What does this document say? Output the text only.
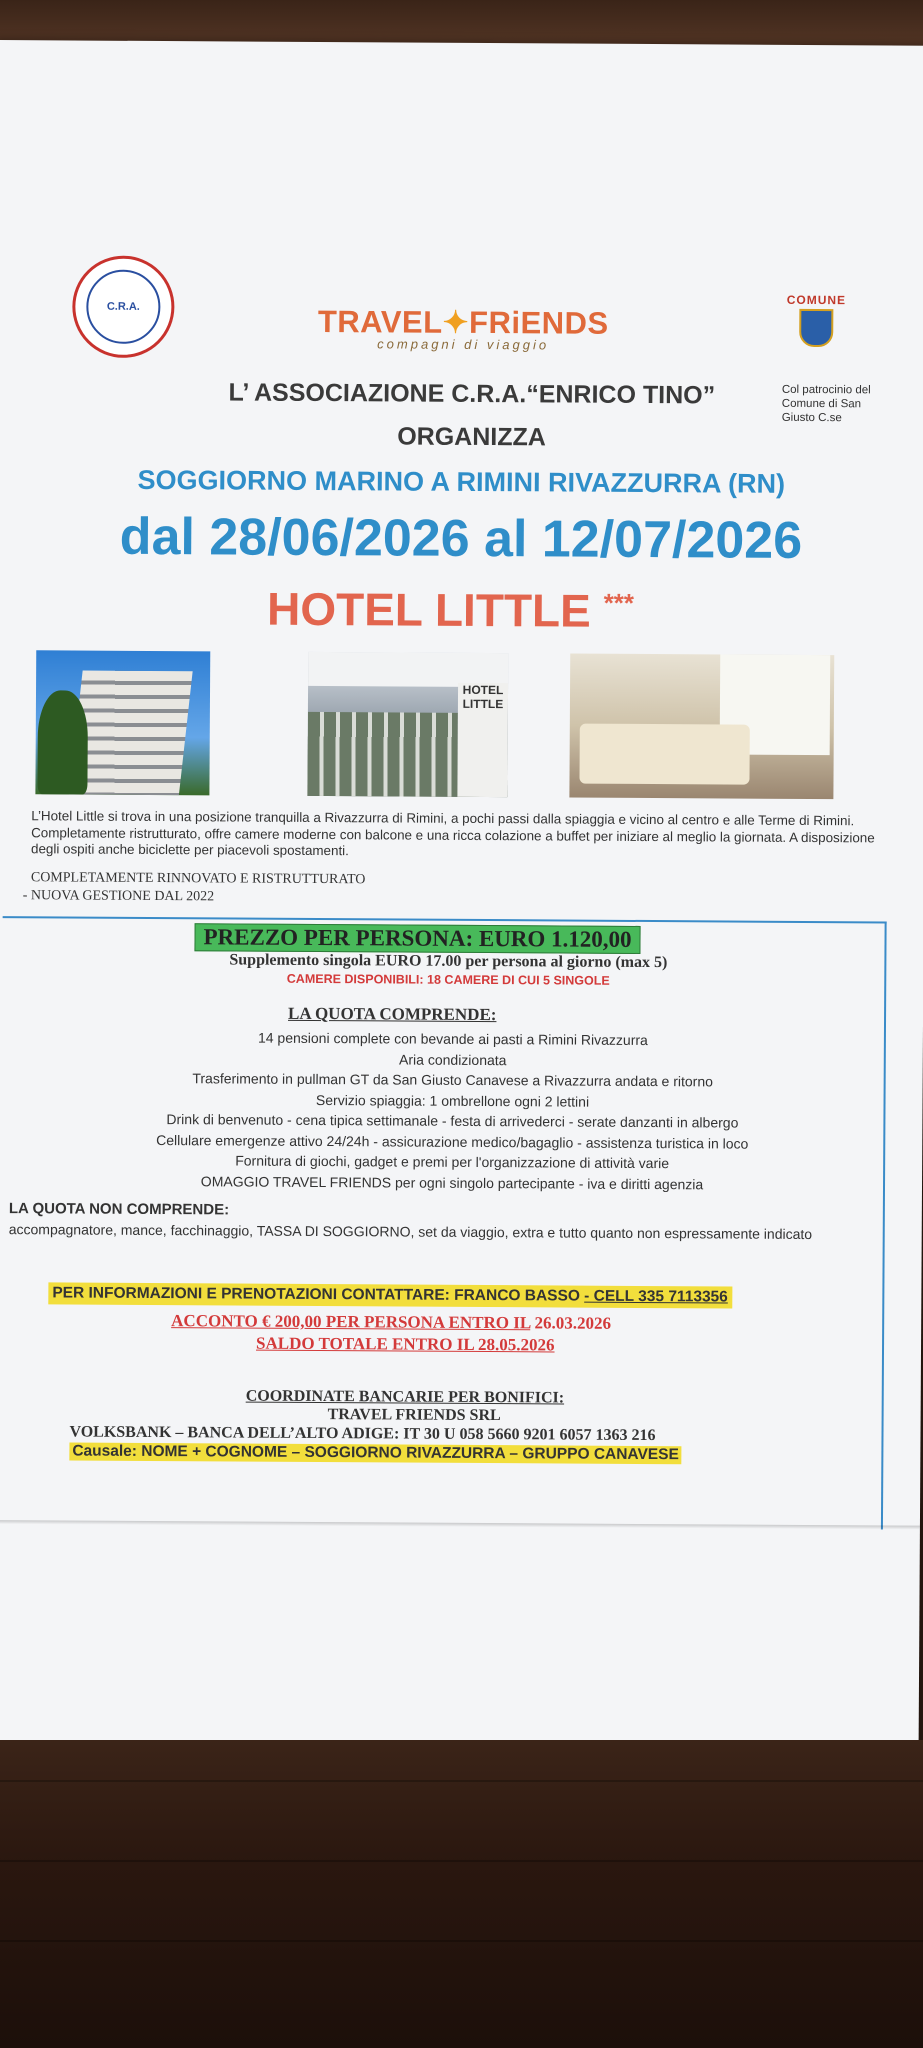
C.R.A.	TRAVEL✦FRiENDS
compagni di viaggio
COMUNE
Col patrocinio del Comune di San Giusto C.se
L’ ASSOCIAZIONE C.R.A.“ENRICO TINO”
ORGANIZZA
SOGGIORNO MARINO A RIMINI RIVAZZURRA (RN)
dal 28/06/2026 al 12/07/2026
HOTEL LITTLE ***
HOTEL LITTLE
L’Hotel Little si trova in una posizione tranquilla a Rivazzurra di Rimini, a pochi passi dalla spiaggia e vicino al centro e alle Terme di Rimini. Completamente ristrutturato, offre camere moderne con balcone e una ricca colazione a buffet per iniziare al meglio la giornata. A disposizione degli ospiti anche biciclette per piacevoli spostamenti.
COMPLETAMENTE RINNOVATO E RISTRUTTURATO
- NUOVA GESTIONE DAL 2022
PREZZO PER PERSONA: EURO 1.120,00
Supplemento singola EURO 17.00 per persona al giorno (max 5)
CAMERE DISPONIBILI: 18 CAMERE DI CUI 5 SINGOLE
LA QUOTA COMPRENDE:
14 pensioni complete con bevande ai pasti a Rimini Rivazzurra
Aria condizionata
Trasferimento in pullman GT da San Giusto Canavese a Rivazzurra andata e ritorno
Servizio spiaggia: 1 ombrellone ogni 2 lettini
Drink di benvenuto - cena tipica settimanale - festa di arrivederci - serate danzanti in albergo
Cellulare emergenze attivo 24/24h - assicurazione medico/bagaglio - assistenza turistica in loco
Fornitura di giochi, gadget e premi per l'organizzazione di attività varie
OMAGGIO TRAVEL FRIENDS per ogni singolo partecipante - iva e diritti agenzia
LA QUOTA NON COMPRENDE:
accompagnatore, mance, facchinaggio, TASSA DI SOGGIORNO, set da viaggio, extra e tutto quanto non espressamente indicato
PER INFORMAZIONI E PRENOTAZIONI CONTATTARE: FRANCO BASSO - CELL 335 7113356
ACCONTO € 200,00 PER PERSONA ENTRO IL 26.03.2026
SALDO TOTALE ENTRO IL 28.05.2026
COORDINATE BANCARIE PER BONIFICI:
TRAVEL FRIENDS SRL
VOLKSBANK – BANCA DELL’ALTO ADIGE: IT 30 U 058 5660 9201 6057 1363 216
Causale: NOME + COGNOME – SOGGIORNO RIVAZZURRA – GRUPPO CANAVESE
